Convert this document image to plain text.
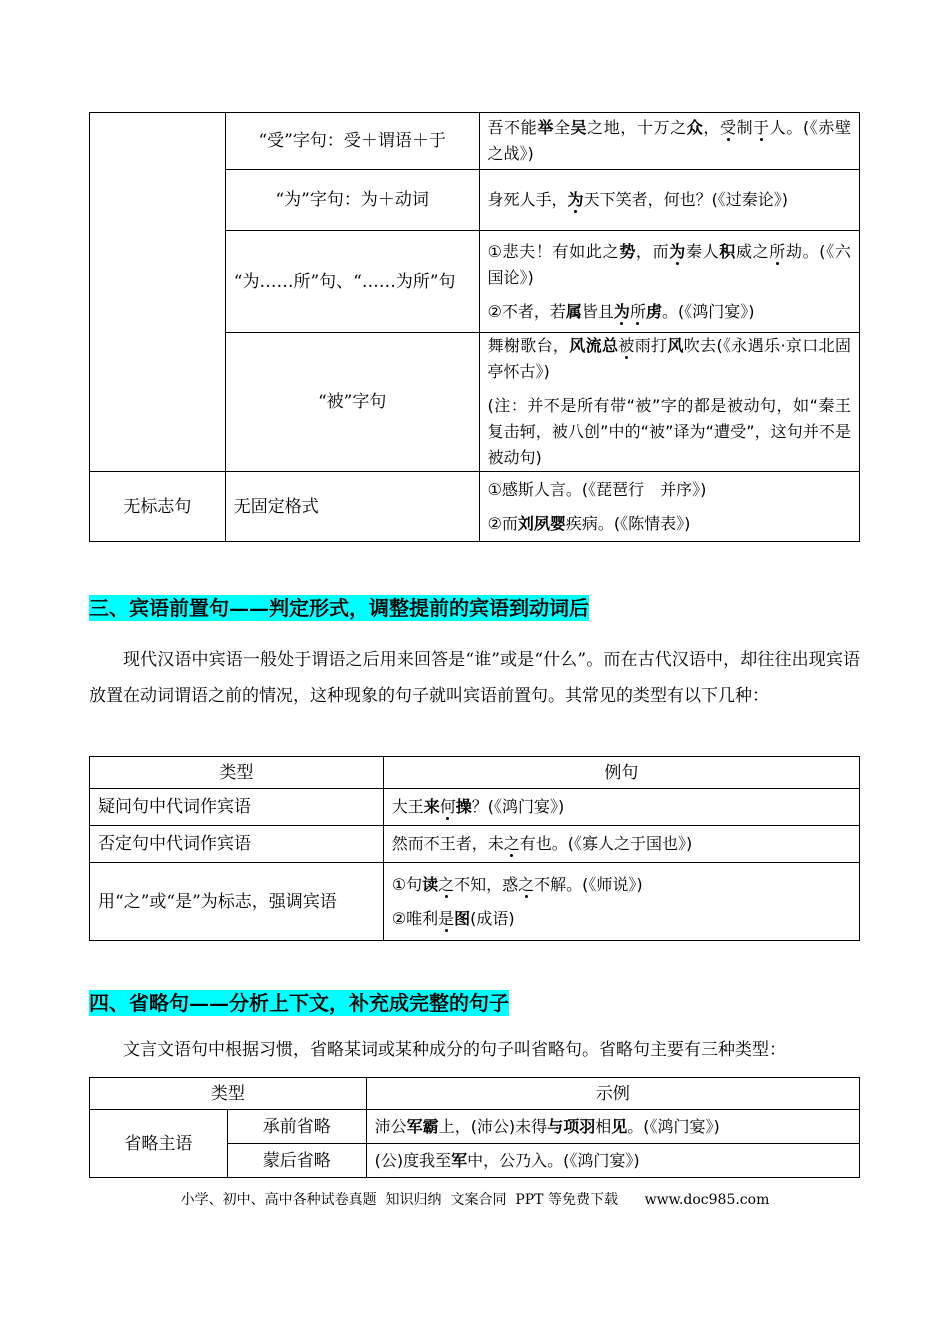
	“受”字句：受＋谓语＋于	吾不能举全吴之地，十万之众，受制于人。(《赤壁之战》)
	“为”字句：为＋动词	身死人手，为天下笑者，何也？(《过秦论》)
	“为……所”句、“……为所”句	①悲夫！有如此之势，而为秦人积威之所劫。(《六国论》)

②不者，若属皆且为所虏。(《鸿门宴》)

	“被”字句	舞榭歌台，风流总被雨打风吹去(《永遇乐·京口北固亭怀古》)

(注：并不是所有带“被”字的都是被动句，如“秦王复击轲，被八创”中的“被”译为“遭受”，这句并不是被动句)

无标志句	无固定格式	①感斯人言。(《琵琶行　并序》)

②而刘夙婴疾病。(《陈情表》)

三、宾语前置句——判定形式，调整提前的宾语到动词后

现代汉语中宾语一般处于谓语之后用来回答是“谁”或是“什么”。而在古代汉语中，却往往出现宾语放置在动词谓语之前的情况，这种现象的句子就叫宾语前置句。其常见的类型有以下几种：

类型	例句
疑问句中代词作宾语	大王来何操？(《鸿门宴》)
否定句中代词作宾语	然而不王者，未之有也。(《寡人之于国也》)
用“之”或“是”为标志，强调宾语	①句读之不知，惑之不解。(《师说》)

②唯利是图(成语)

四、省略句——分析上下文，补充成完整的句子

文言文语句中根据习惯，省略某词或某种成分的句子叫省略句。省略句主要有三种类型：

类型		示例
省略主语	承前省略	沛公军霸上，(沛公)未得与项羽相见。(《鸿门宴》)
	蒙后省略	(公)度我至军中，公乃入。(《鸿门宴》)
小学、初中、高中各种试卷真题  知识归纳  文案合同  PPT 等免费下载      www.doc985.com
